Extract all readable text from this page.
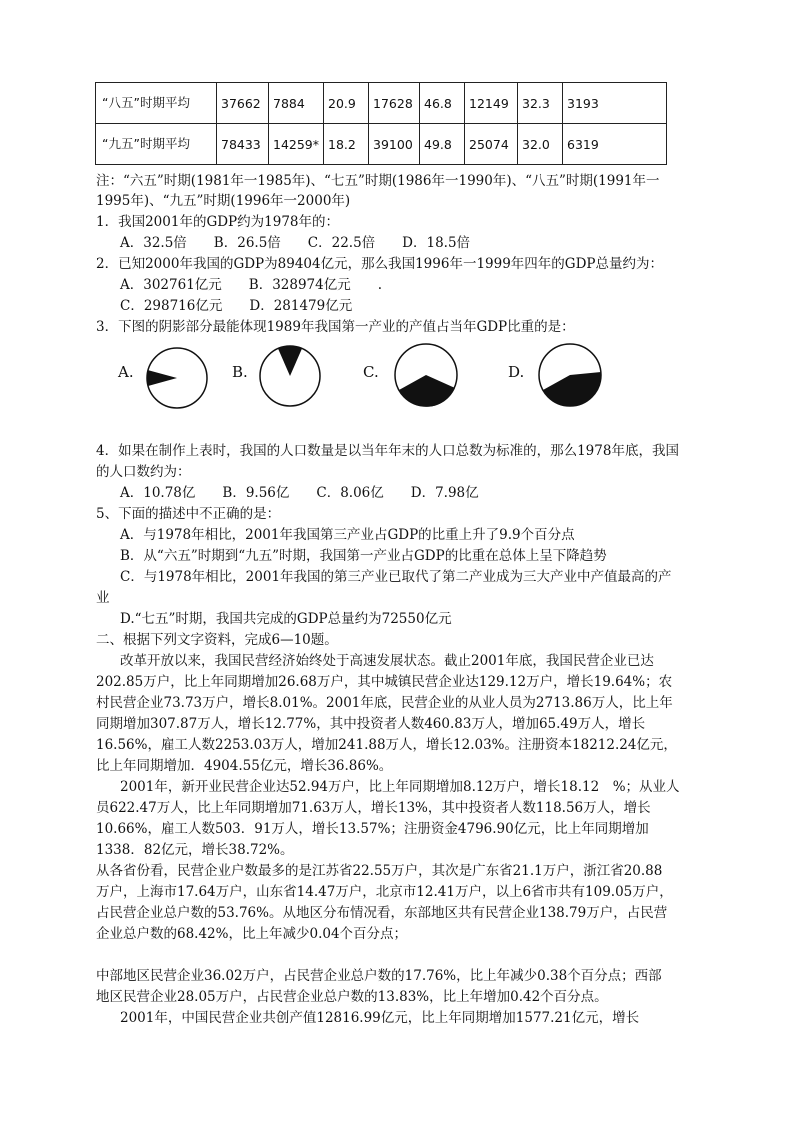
“八五”时期平均	37662	7884	20.9	17628	46.8	12149	32.3	3193
“九五”时期平均	78433	14259*	18.2	39100	49.8	25074	32.0	6319
注：“六五”时期(1981年一1985年)、“七五”时期(1986年一1990年)、“八五”时期(1991年一
1995年)、“九五”时期(1996年一2000年)
1．我国2001年的GDP约为1978年的：
A．32.5倍　　B．26.5倍　　C．22.5倍　　D．18.5倍
2．已知2000年我国的GDP为89404亿元，那么我国1996年一1999年四年的GDP总量约为：
A．302761亿元　　B．328974亿元　　.
C．298716亿元　　D．281479亿元
3．下图的阴影部分最能体现1989年我国第一产业的产值占当年GDP比重的是：
A.	B.	C.	D.
4．如果在制作上表时，我国的人口数量是以当年年末的人口总数为标准的，那么1978年底，我国
的人口数约为：
A．10.78亿　　B．9.56亿　　C．8.06亿　　D．7.98亿
5、下面的描述中不正确的是：
A．与1978年相比，2001年我国第三产业占GDP的比重上升了9.9个百分点
B．从“六五”时期到“九五”时期，我国第一产业占GDP的比重在总体上呈下降趋势
C．与1978年相比，2001年我国的第三产业已取代了第二产业成为三大产业中产值最高的产
业
D.“七五”时期，我国共完成的GDP总量约为72550亿元
二、根据下列文字资料，完成6—10题。
改革开放以来，我国民营经济始终处于高速发展状态。截止2001年底，我国民营企业已达
202.85万户，比上年同期增加26.68万户，其中城镇民营企业达129.12万户，增长19.64%；农
村民营企业73.73万户，增长8.01%。2001年底，民营企业的从业人员为2713.86万人，比上年
同期增加307.87万人，增长12.77%，其中投资者人数460.83万人，增加65.49万人，增长
16.56%，雇工人数2253.03万人，增加241.88万人，增长12.03%。注册资本18212.24亿元，
比上年同期增加．4904.55亿元，增长36.86%。
2001年，新开业民营企业达52.94万户，比上年同期增加8.12万户，增长18.12　%；从业人
员622.47万人，比上年同期增加71.63万人，增长13%，其中投资者人数118.56万人，增长
10.66%，雇工人数503．91万人，增长13.57%；注册资金4796.90亿元，比上年同期增加
1338．82亿元，增长38.72%。
从各省份看，民营企业户数最多的是江苏省22.55万户，其次是广东省21.1万户，浙江省20.88
万户，上海市17.64万户，山东省14.47万户，北京市12.41万户，以上6省市共有109.05万户，
占民营企业总户数的53.76%。从地区分布情况看，东部地区共有民营企业138.79万户，占民营
企业总户数的68.42%，比上年减少0.04个百分点；
中部地区民营企业36.02万户，占民营企业总户数的17.76%，比上年减少0.38个百分点；西部
地区民营企业28.05万户，占民营企业总户数的13.83%，比上年增加0.42个百分点。
2001年，中国民营企业共创产值12816.99亿元，比上年同期增加1577.21亿元，增长
